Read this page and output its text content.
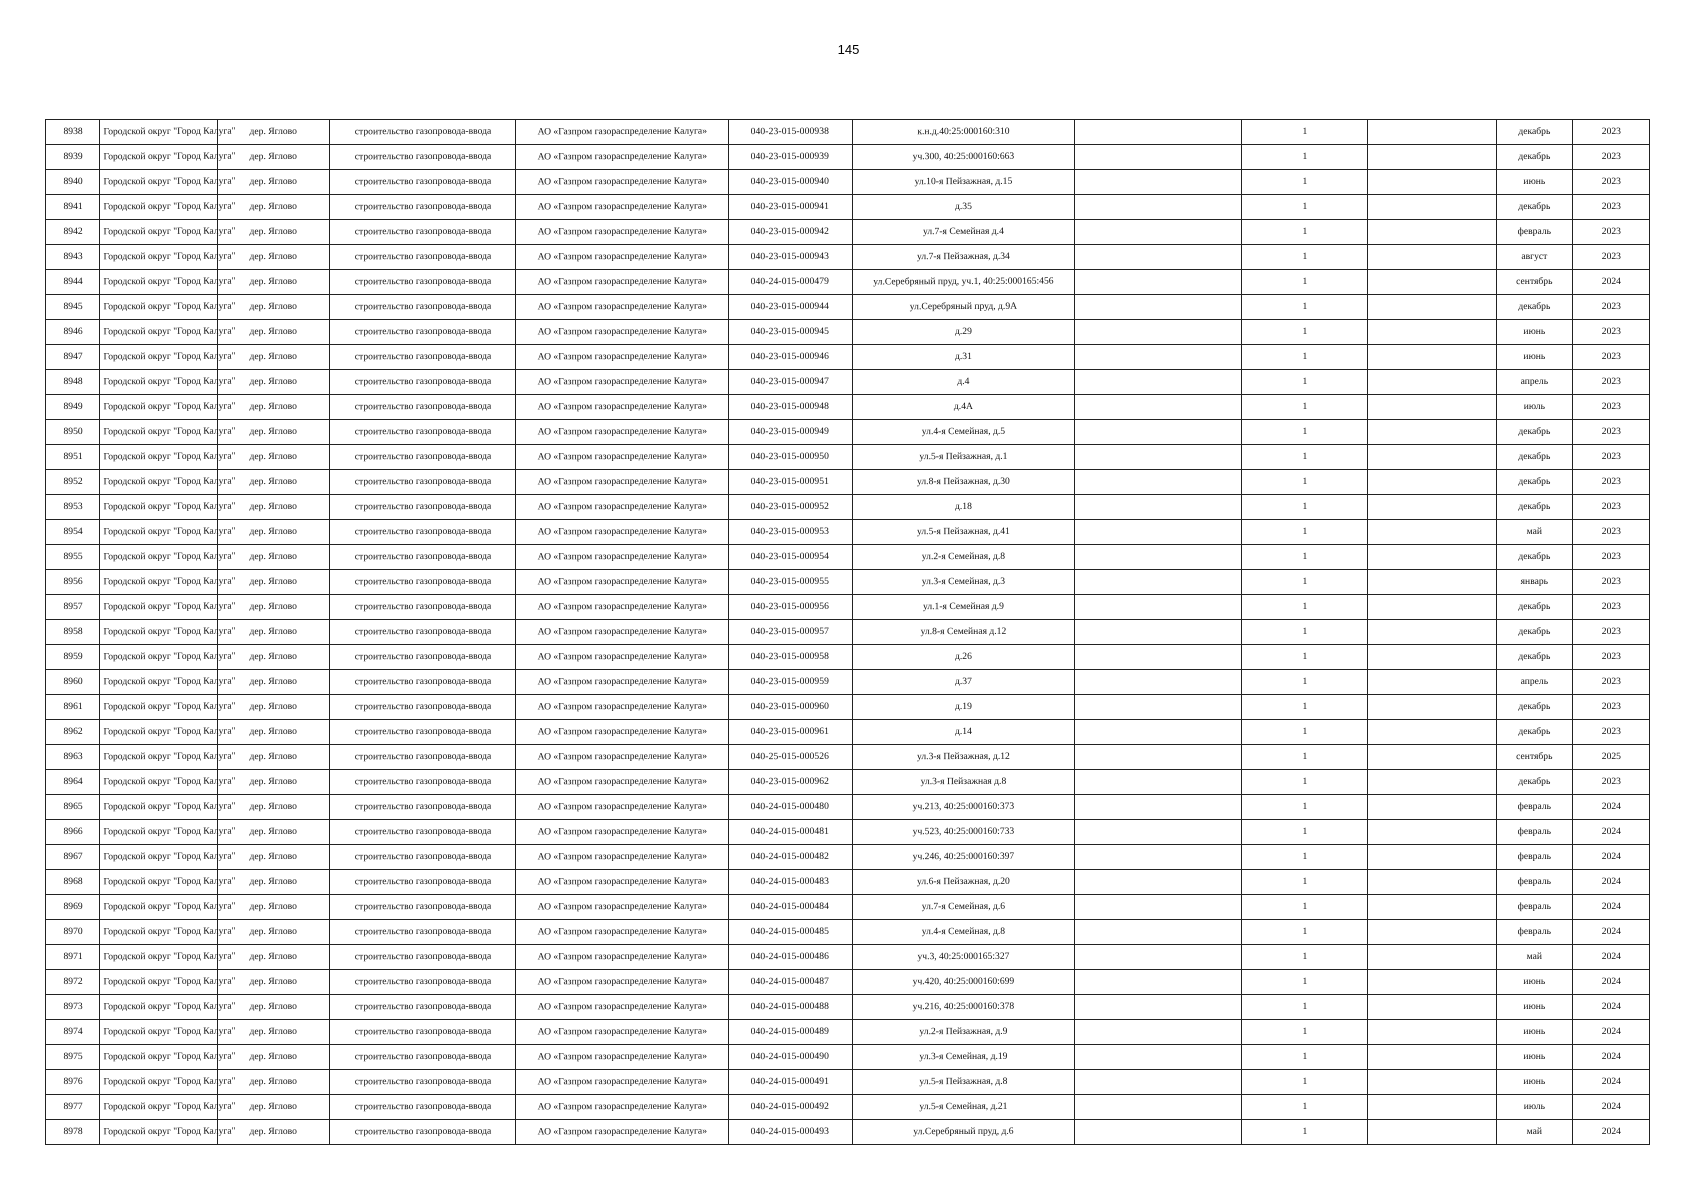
145
8938	Городской округ "Город Калуга"	дер. Яглово	строительство газопровода-ввода	АО «Газпром газораспределение Калуга»	040-23-015-000938	к.н.д.40:25:000160:310		1		декабрь	2023
8939	Городской округ "Город Калуга"	дер. Яглово	строительство газопровода-ввода	АО «Газпром газораспределение Калуга»	040-23-015-000939	уч.300, 40:25:000160:663		1		декабрь	2023
8940	Городской округ "Город Калуга"	дер. Яглово	строительство газопровода-ввода	АО «Газпром газораспределение Калуга»	040-23-015-000940	ул.10-я Пейзажная, д.15		1		июнь	2023
8941	Городской округ "Город Калуга"	дер. Яглово	строительство газопровода-ввода	АО «Газпром газораспределение Калуга»	040-23-015-000941	д.35		1		декабрь	2023
8942	Городской округ "Город Калуга"	дер. Яглово	строительство газопровода-ввода	АО «Газпром газораспределение Калуга»	040-23-015-000942	ул.7-я Семейная д.4		1		февраль	2023
8943	Городской округ "Город Калуга"	дер. Яглово	строительство газопровода-ввода	АО «Газпром газораспределение Калуга»	040-23-015-000943	ул.7-я Пейзажная, д.34		1		август	2023
8944	Городской округ "Город Калуга"	дер. Яглово	строительство газопровода-ввода	АО «Газпром газораспределение Калуга»	040-24-015-000479	ул.Серебряный пруд, уч.1, 40:25:000165:456		1		сентябрь	2024
8945	Городской округ "Город Калуга"	дер. Яглово	строительство газопровода-ввода	АО «Газпром газораспределение Калуга»	040-23-015-000944	ул.Серебряный пруд, д.9А		1		декабрь	2023
8946	Городской округ "Город Калуга"	дер. Яглово	строительство газопровода-ввода	АО «Газпром газораспределение Калуга»	040-23-015-000945	д.29		1		июнь	2023
8947	Городской округ "Город Калуга"	дер. Яглово	строительство газопровода-ввода	АО «Газпром газораспределение Калуга»	040-23-015-000946	д.31		1		июнь	2023
8948	Городской округ "Город Калуга"	дер. Яглово	строительство газопровода-ввода	АО «Газпром газораспределение Калуга»	040-23-015-000947	д.4		1		апрель	2023
8949	Городской округ "Город Калуга"	дер. Яглово	строительство газопровода-ввода	АО «Газпром газораспределение Калуга»	040-23-015-000948	д.4А		1		июль	2023
8950	Городской округ "Город Калуга"	дер. Яглово	строительство газопровода-ввода	АО «Газпром газораспределение Калуга»	040-23-015-000949	ул.4-я Семейная, д.5		1		декабрь	2023
8951	Городской округ "Город Калуга"	дер. Яглово	строительство газопровода-ввода	АО «Газпром газораспределение Калуга»	040-23-015-000950	ул.5-я Пейзажная, д.1		1		декабрь	2023
8952	Городской округ "Город Калуга"	дер. Яглово	строительство газопровода-ввода	АО «Газпром газораспределение Калуга»	040-23-015-000951	ул.8-я Пейзажная, д.30		1		декабрь	2023
8953	Городской округ "Город Калуга"	дер. Яглово	строительство газопровода-ввода	АО «Газпром газораспределение Калуга»	040-23-015-000952	д.18		1		декабрь	2023
8954	Городской округ "Город Калуга"	дер. Яглово	строительство газопровода-ввода	АО «Газпром газораспределение Калуга»	040-23-015-000953	ул.5-я Пейзажная, д.41		1		май	2023
8955	Городской округ "Город Калуга"	дер. Яглово	строительство газопровода-ввода	АО «Газпром газораспределение Калуга»	040-23-015-000954	ул.2-я Семейная, д.8		1		декабрь	2023
8956	Городской округ "Город Калуга"	дер. Яглово	строительство газопровода-ввода	АО «Газпром газораспределение Калуга»	040-23-015-000955	ул.3-я Семейная, д.3		1		январь	2023
8957	Городской округ "Город Калуга"	дер. Яглово	строительство газопровода-ввода	АО «Газпром газораспределение Калуга»	040-23-015-000956	ул.1-я Семейная д.9		1		декабрь	2023
8958	Городской округ "Город Калуга"	дер. Яглово	строительство газопровода-ввода	АО «Газпром газораспределение Калуга»	040-23-015-000957	ул.8-я Семейная д.12		1		декабрь	2023
8959	Городской округ "Город Калуга"	дер. Яглово	строительство газопровода-ввода	АО «Газпром газораспределение Калуга»	040-23-015-000958	д.26		1		декабрь	2023
8960	Городской округ "Город Калуга"	дер. Яглово	строительство газопровода-ввода	АО «Газпром газораспределение Калуга»	040-23-015-000959	д.37		1		апрель	2023
8961	Городской округ "Город Калуга"	дер. Яглово	строительство газопровода-ввода	АО «Газпром газораспределение Калуга»	040-23-015-000960	д.19		1		декабрь	2023
8962	Городской округ "Город Калуга"	дер. Яглово	строительство газопровода-ввода	АО «Газпром газораспределение Калуга»	040-23-015-000961	д.14		1		декабрь	2023
8963	Городской округ "Город Калуга"	дер. Яглово	строительство газопровода-ввода	АО «Газпром газораспределение Калуга»	040-25-015-000526	ул.3-я Пейзажная, д.12		1		сентябрь	2025
8964	Городской округ "Город Калуга"	дер. Яглово	строительство газопровода-ввода	АО «Газпром газораспределение Калуга»	040-23-015-000962	ул.3-я Пейзажная д.8		1		декабрь	2023
8965	Городской округ "Город Калуга"	дер. Яглово	строительство газопровода-ввода	АО «Газпром газораспределение Калуга»	040-24-015-000480	уч.213, 40:25:000160:373		1		февраль	2024
8966	Городской округ "Город Калуга"	дер. Яглово	строительство газопровода-ввода	АО «Газпром газораспределение Калуга»	040-24-015-000481	уч.523, 40:25:000160:733		1		февраль	2024
8967	Городской округ "Город Калуга"	дер. Яглово	строительство газопровода-ввода	АО «Газпром газораспределение Калуга»	040-24-015-000482	уч.246, 40:25:000160:397		1		февраль	2024
8968	Городской округ "Город Калуга"	дер. Яглово	строительство газопровода-ввода	АО «Газпром газораспределение Калуга»	040-24-015-000483	ул.6-я Пейзажная, д.20		1		февраль	2024
8969	Городской округ "Город Калуга"	дер. Яглово	строительство газопровода-ввода	АО «Газпром газораспределение Калуга»	040-24-015-000484	ул.7-я Семейная, д.6		1		февраль	2024
8970	Городской округ "Город Калуга"	дер. Яглово	строительство газопровода-ввода	АО «Газпром газораспределение Калуга»	040-24-015-000485	ул.4-я Семейная, д.8		1		февраль	2024
8971	Городской округ "Город Калуга"	дер. Яглово	строительство газопровода-ввода	АО «Газпром газораспределение Калуга»	040-24-015-000486	уч.3, 40:25:000165:327		1		май	2024
8972	Городской округ "Город Калуга"	дер. Яглово	строительство газопровода-ввода	АО «Газпром газораспределение Калуга»	040-24-015-000487	уч.420, 40:25:000160:699		1		июнь	2024
8973	Городской округ "Город Калуга"	дер. Яглово	строительство газопровода-ввода	АО «Газпром газораспределение Калуга»	040-24-015-000488	уч.216, 40:25:000160:378		1		июнь	2024
8974	Городской округ "Город Калуга"	дер. Яглово	строительство газопровода-ввода	АО «Газпром газораспределение Калуга»	040-24-015-000489	ул.2-я Пейзажная, д.9		1		июнь	2024
8975	Городской округ "Город Калуга"	дер. Яглово	строительство газопровода-ввода	АО «Газпром газораспределение Калуга»	040-24-015-000490	ул.3-я Семейная, д.19		1		июнь	2024
8976	Городской округ "Город Калуга"	дер. Яглово	строительство газопровода-ввода	АО «Газпром газораспределение Калуга»	040-24-015-000491	ул.5-я Пейзажная, д.8		1		июнь	2024
8977	Городской округ "Город Калуга"	дер. Яглово	строительство газопровода-ввода	АО «Газпром газораспределение Калуга»	040-24-015-000492	ул.5-я Семейная, д.21		1		июль	2024
8978	Городской округ "Город Калуга"	дер. Яглово	строительство газопровода-ввода	АО «Газпром газораспределение Калуга»	040-24-015-000493	ул.Серебряный пруд, д.6		1		май	2024
